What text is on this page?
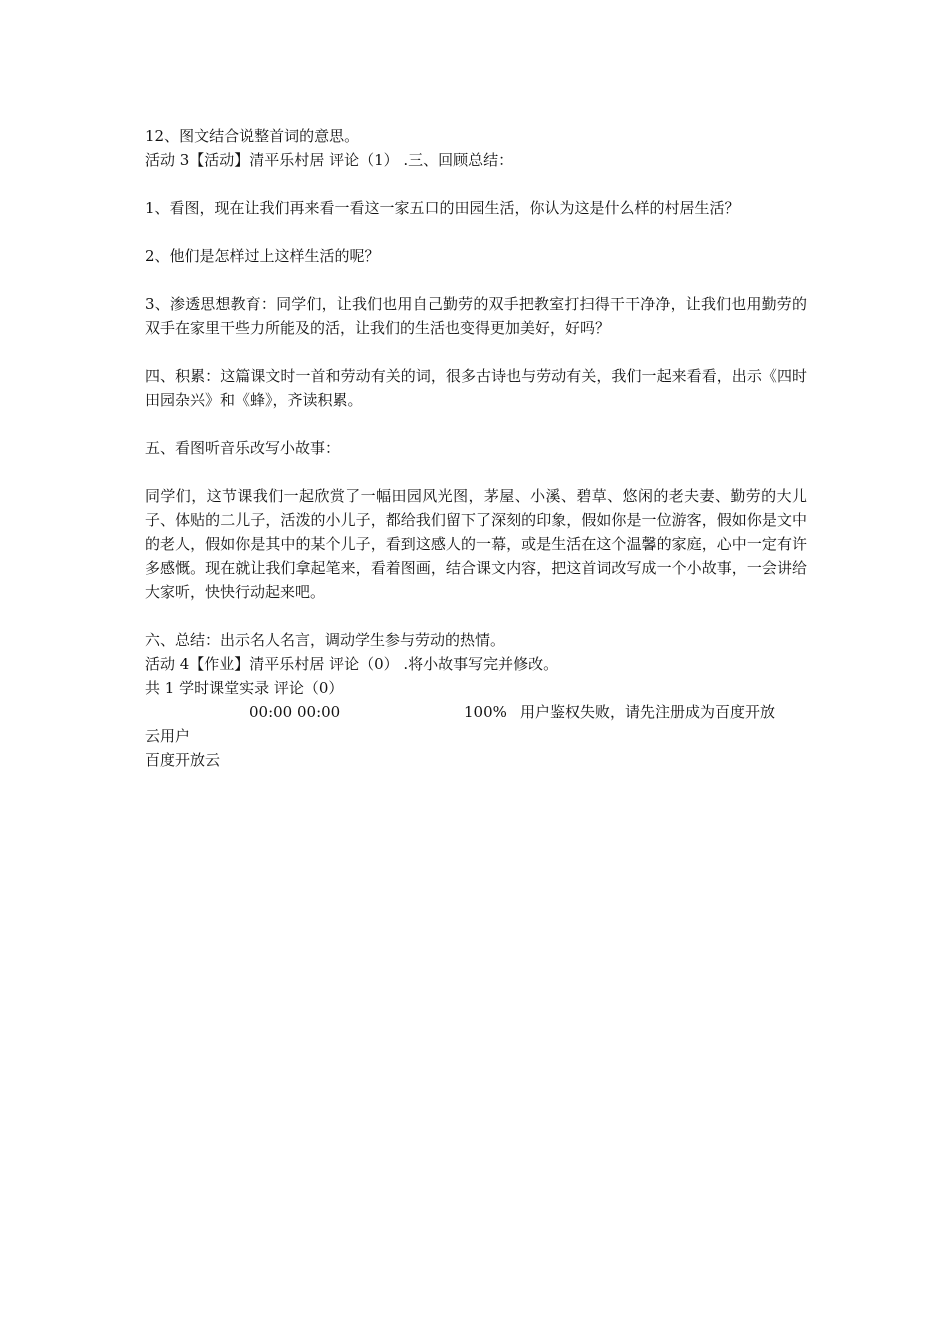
12、图文结合说整首词的意思。

活动 3【活动】清平乐村居 评论（1） .三、回顾总结：

1、看图，现在让我们再来看一看这一家五口的田园生活，你认为这是什么样的村居生活？

2、他们是怎样过上这样生活的呢？

3、渗透思想教育：同学们，让我们也用自己勤劳的双手把教室打扫得干干净净，让我们也用勤劳的双手在家里干些力所能及的活，让我们的生活也变得更加美好，好吗？

四、积累：这篇课文时一首和劳动有关的词，很多古诗也与劳动有关，我们一起来看看，出示《四时田园杂兴》和《蜂》，齐读积累。

五、看图听音乐改写小故事：

同学们，这节课我们一起欣赏了一幅田园风光图，茅屋、小溪、碧草、悠闲的老夫妻、勤劳的大儿子、体贴的二儿子，活泼的小儿子，都给我们留下了深刻的印象，假如你是一位游客，假如你是文中的老人，假如你是其中的某个儿子，看到这感人的一幕，或是生活在这个温馨的家庭，心中一定有许多感慨。现在就让我们拿起笔来，看着图画，结合课文内容，把这首词改写成一个小故事，一会讲给大家听，快快行动起来吧。

六、总结：出示名人名言，调动学生参与劳动的热情。

活动 4【作业】清平乐村居 评论（0） .将小故事写完并修改。

共 1 学时课堂实录 评论（0）

00:00 00:00	100% 用户鉴权失败，请先注册成为百度开放

云用户

百度开放云
